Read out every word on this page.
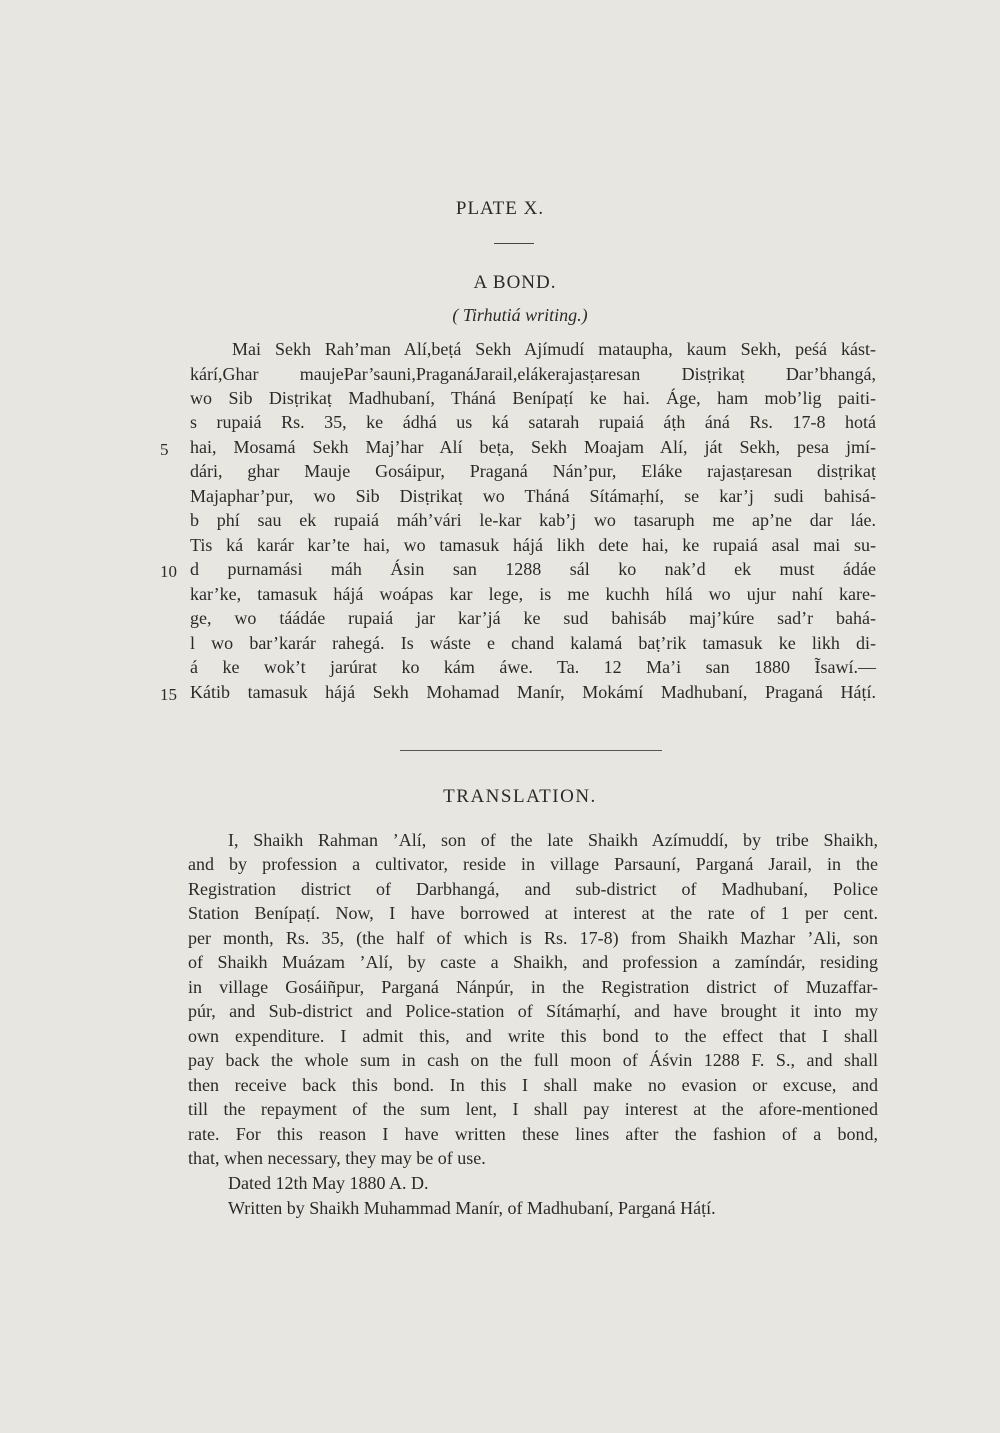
PLATE X.
A BOND.
( Tirhutiá writing.)
Mai Sekh Rah’man Alí,beṭá Sekh Ajímudí mataupha, kaum Sekh, peśá kást-
kárí,Ghar maujePar’sauni,PraganáJarail,elákerajasṭaresan Disṭrikaṭ Dar’bhangá,
wo Sib Disṭrikaṭ Madhubaní, Tháná Benípaṭí ke hai. Áge, ham mob’lig paiti-
s rupaiá Rs. 35, ke ádhá us ká satarah rupaiá áṭh áná Rs. 17-8 hotá
hai, Mosamá Sekh Maj’har Alí beṭa, Sekh Moajam Alí, ját Sekh, pesa jmí-
dári, ghar Mauje Gosáipur, Praganá Nán’pur, Eláke rajasṭaresan disṭrikaṭ
Majaphar’pur, wo Sib Disṭrikaṭ wo Tháná Sítámaṛhí, se kar’j sudi bahisá-
b phí sau ek rupaiá máh’vári le-kar kab’j wo tasaruph me ap’ne dar láe.
Tis ká karár kar’te hai, wo tamasuk hájá likh dete hai, ke rupaiá asal mai su-
d purnamási máh Ásin san 1288 sál ko nak’d ek must ádáe
kar’ke, tamasuk hájá woápas kar lege, is me kuchh hílá wo ujur nahí kare-
ge, wo táádáe rupaiá jar kar’já ke sud bahisáb maj’kúre sad’r bahá-
l wo bar’karár rahegá. Is wáste e chand kalamá baṭ’rik tamasuk ke likh di-
á ke wok’t jarúrat ko kám áwe. Ta. 12 Ma’i san 1880 Ĩsawí.—
Kátib tamasuk hájá Sekh Mohamad Manír, Mokámí Madhubaní, Praganá Háṭí.
5
10
15
TRANSLATION.
I, Shaikh Rahman ’Alí, son of the late Shaikh Azímuddí, by tribe Shaikh,
and by profession a cultivator, reside in village Parsauní, Parganá Jarail, in the
Registration district of Darbhangá, and sub-district of Madhubaní, Police
Station Benípaṭí. Now, I have borrowed at interest at the rate of 1 per cent.
per month, Rs. 35, (the half of which is Rs. 17-8) from Shaikh Mazhar ’Ali, son
of Shaikh Muázam ’Alí, by caste a Shaikh, and profession a zamíndár, residing
in village Gosáiñpur, Parganá Nánpúr, in the Registration district of Muzaffar-
púr, and Sub-district and Police-station of Sítámaṛhí, and have brought it into my
own expenditure. I admit this, and write this bond to the effect that I shall
pay back the whole sum in cash on the full moon of Áśvin 1288 F. S., and shall
then receive back this bond. In this I shall make no evasion or excuse, and
till the repayment of the sum lent, I shall pay interest at the afore-mentioned
rate. For this reason I have written these lines after the fashion of a bond,
that, when necessary, they may be of use.
Dated 12th May 1880 A. D.
Written by Shaikh Muhammad Manír, of Madhubaní, Parganá Háṭí.
